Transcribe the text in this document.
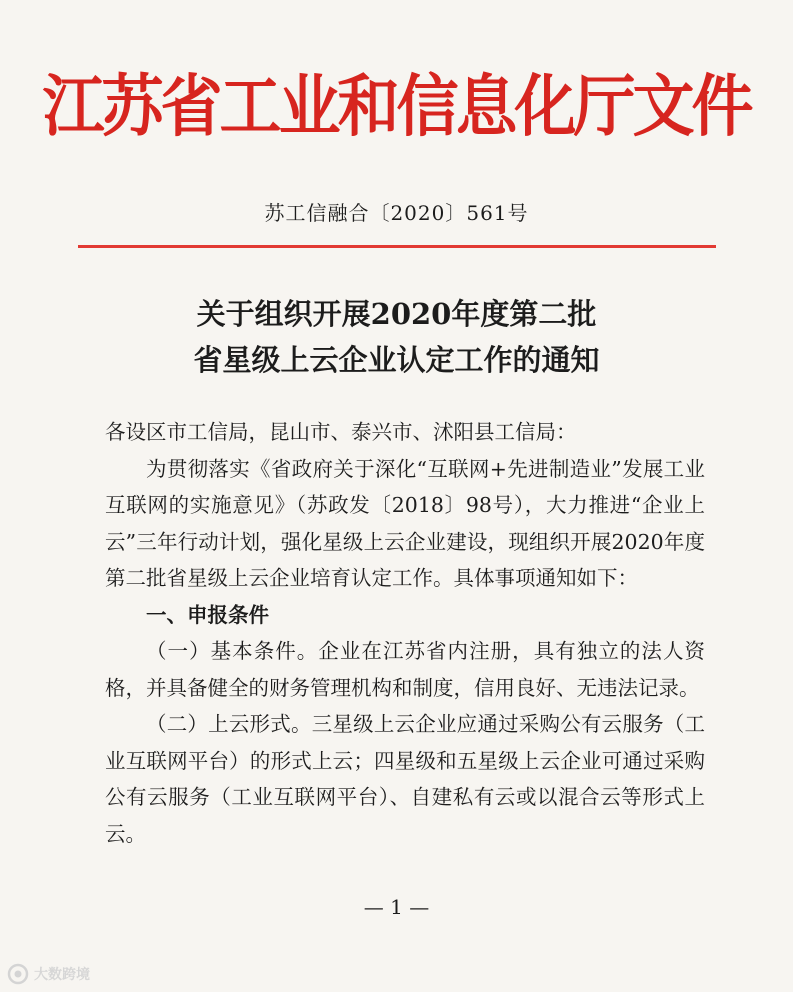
江苏省工业和信息化厅文件
苏工信融合〔2020〕561号
关于组织开展2020年度第二批
省星级上云企业认定工作的通知

各设区市工信局，昆山市、泰兴市、沭阳县工信局：

为贯彻落实《省政府关于深化“互联网+先进制造业”发展工业互联网的实施意见》（苏政发〔2018〕98号），大力推进“企业上云”三年行动计划，强化星级上云企业建设，现组织开展2020年度第二批省星级上云企业培育认定工作。具体事项通知如下：

一、申报条件

（一）基本条件。企业在江苏省内注册，具有独立的法人资格，并具备健全的财务管理机构和制度，信用良好、无违法记录。

（二）上云形式。三星级上云企业应通过采购公有云服务（工业互联网平台）的形式上云；四星级和五星级上云企业可通过采购公有云服务（工业互联网平台）、自建私有云或以混合云等形式上云。

— 1 —
大数跨境
